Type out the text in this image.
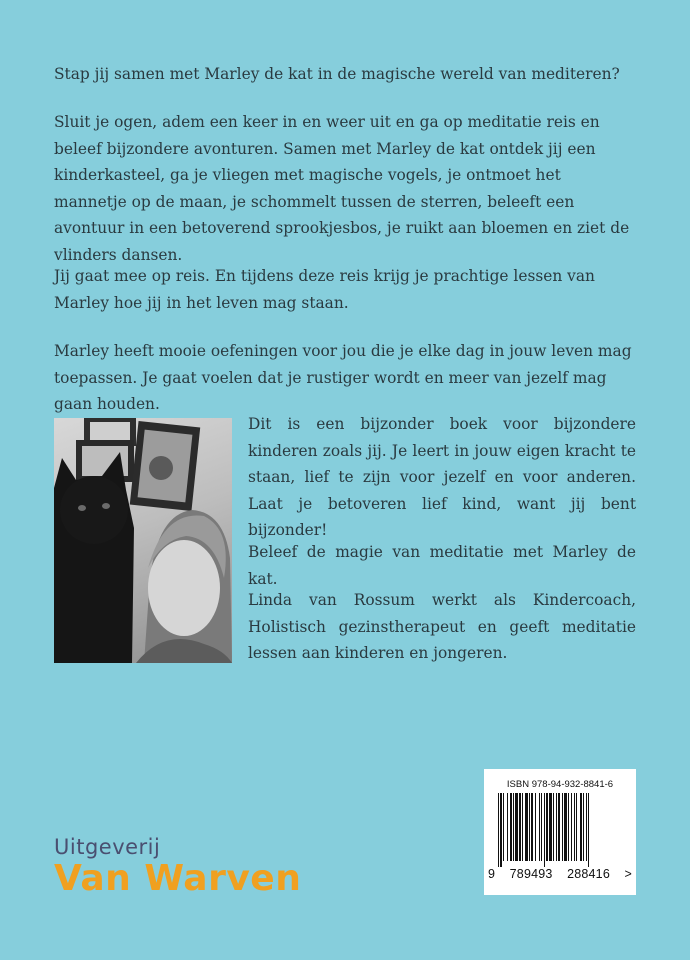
Stap jij samen met Marley de kat in de magische wereld van mediteren?

Sluit je ogen, adem een keer in en weer uit en ga op meditatie reis en beleef bijzondere avonturen. Samen met Marley de kat ontdek jij een kinderkasteel, ga je vliegen met magische vogels, je ontmoet het mannetje op de maan, je schommelt tussen de sterren, beleeft een avontuur in een betoverend sprookjesbos, je ruikt aan bloemen en ziet de vlinders dansen.

Jij gaat mee op reis. En tijdens deze reis krijg je prachtige lessen van Marley hoe jij in het leven mag staan.

Marley heeft mooie oefeningen voor jou die je elke dag in jouw leven mag toepassen. Je gaat voelen dat je rustiger wordt en meer van jezelf mag gaan houden.

Dit is een bijzonder boek voor bijzondere kinderen zoals jij. Je leert in jouw eigen kracht te staan, lief te zijn voor jezelf en voor anderen. Laat je betoveren lief kind, want jij bent bijzonder!

Beleef de magie van meditatie met Marley de kat.

Linda van Rossum werkt als Kindercoach, Holistisch gezinstherapeut en geeft meditatie lessen aan kinderen en jongeren.

Uitgeverij
Van Warven
ISBN 978-94-932-8841-6
9 789493 288416 >
